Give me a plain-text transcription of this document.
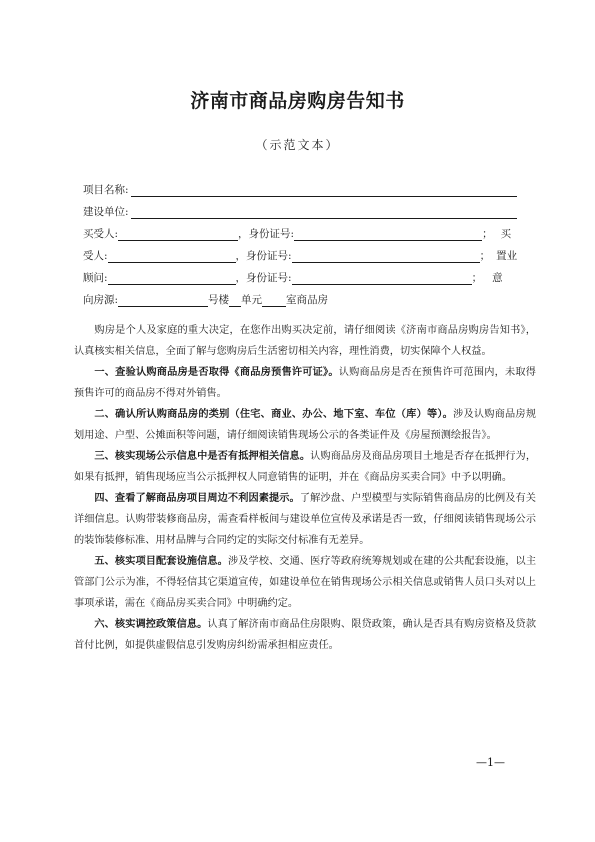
济南市商品房购房告知书
（示范文本）
项目名称:
建设单位:
买受人:	，身份证号:	； 买
受人:	，身份证号:	； 置业
顾问:	，身份证号:	； 意
向房源:	号楼 单元 室商品房

购房是个人及家庭的重大决定，在您作出购买决定前，请仔细阅读《济南市商品房购房告知书》，认真核实相关信息，全面了解与您购房后生活密切相关内容，理性消费，切实保障个人权益。

一、查验认购商品房是否取得《商品房预售许可证》。认购商品房是否在预售许可范围内，未取得预售许可的商品房不得对外销售。

二、确认所认购商品房的类别（住宅、商业、办公、地下室、车位（库）等）。涉及认购商品房规划用途、户型、公摊面积等问题，请仔细阅读销售现场公示的各类证件及《房屋预测绘报告》。

三、核实现场公示信息中是否有抵押相关信息。认购商品房及商品房项目土地是否存在抵押行为，如果有抵押，销售现场应当公示抵押权人同意销售的证明，并在《商品房买卖合同》中予以明确。

四、查看了解商品房项目周边不利因素提示。了解沙盘、户型模型与实际销售商品房的比例及有关详细信息。认购带装修商品房，需查看样板间与建设单位宣传及承诺是否一致，仔细阅读销售现场公示的装饰装修标准、用材品牌与合同约定的实际交付标准有无差异。

五、核实项目配套设施信息。涉及学校、交通、医疗等政府统筹规划或在建的公共配套设施，以主管部门公示为准，不得轻信其它渠道宣传，如建设单位在销售现场公示相关信息或销售人员口头对以上事项承诺，需在《商品房买卖合同》中明确约定。

六、核实调控政策信息。认真了解济南市商品住房限购、限贷政策，确认是否具有购房资格及贷款首付比例，如提供虚假信息引发购房纠纷需承担相应责任。

—1—
